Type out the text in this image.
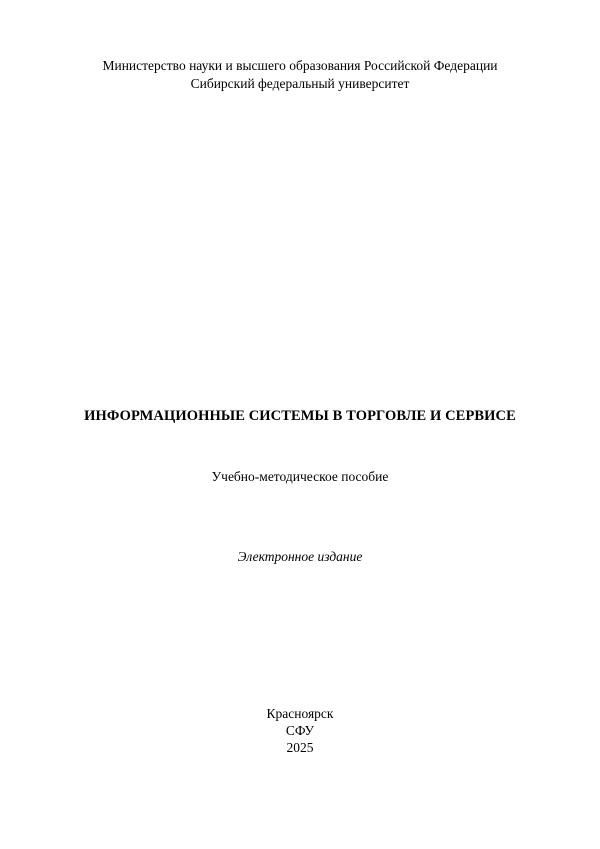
Министерство науки и высшего образования Российской Федерации
Сибирский федеральный университет
ИНФОРМАЦИОННЫЕ СИСТЕМЫ В ТОРГОВЛЕ И СЕРВИСЕ
Учебно-методическое пособие
Электронное издание
Красноярск
СФУ
2025
